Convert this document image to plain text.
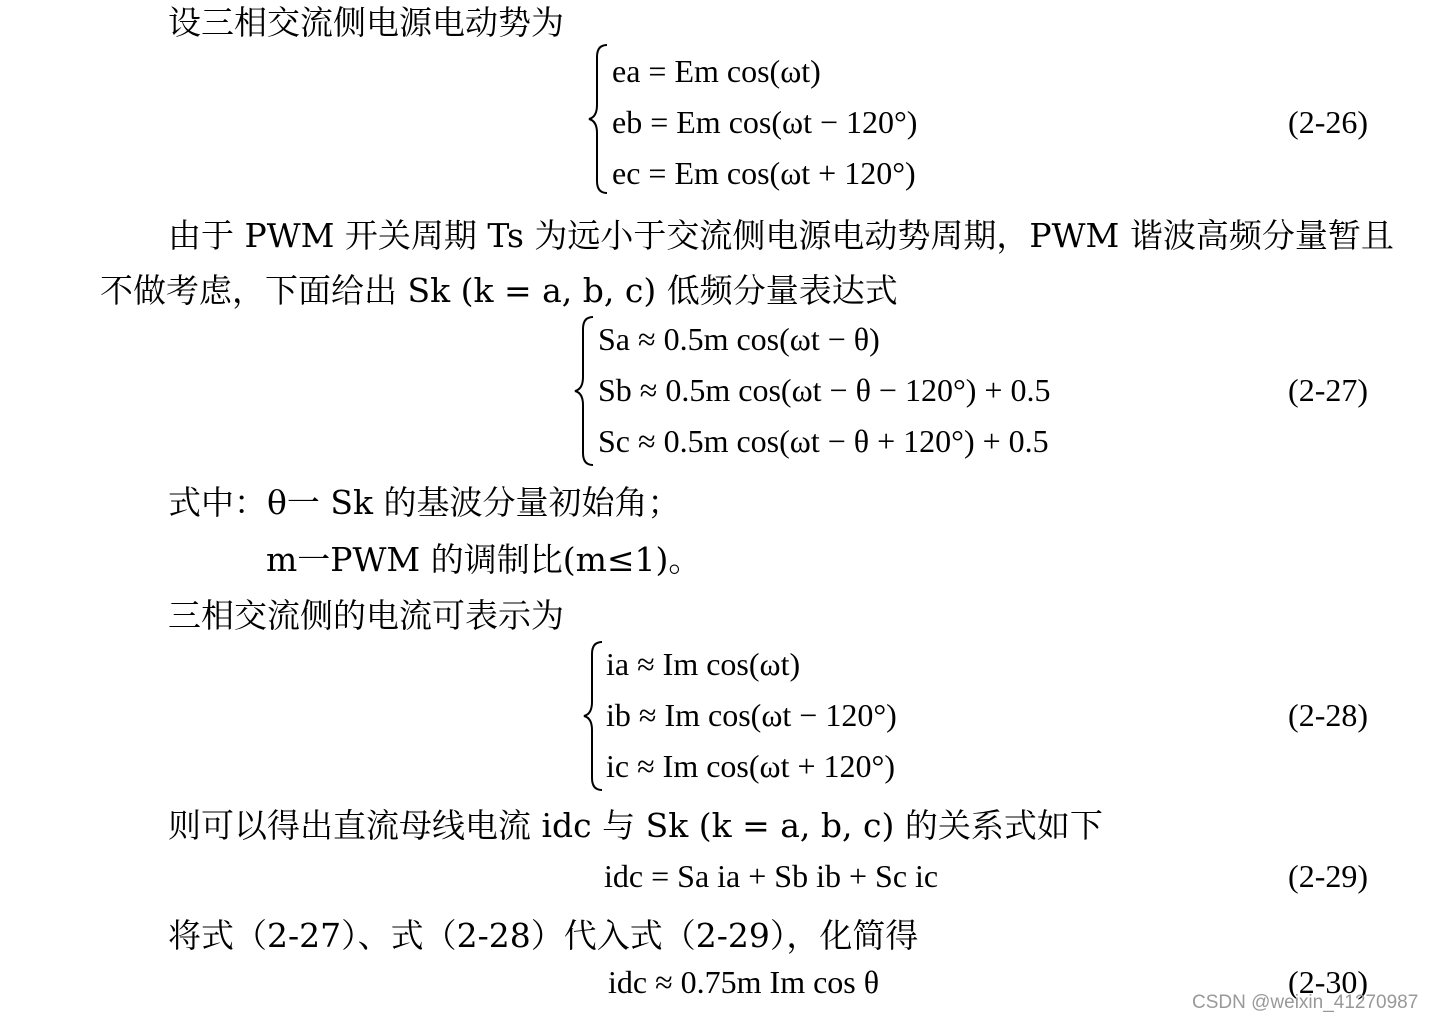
设三相交流侧电源电动势为
ea = Em cos(ωt)
eb = Em cos(ωt − 120°)
ec = Em cos(ωt + 120°)
(2-26)
由于 PWM 开关周期 Ts 为远小于交流侧电源电动势周期，PWM 谐波高频分量暂且
不做考虑，下面给出 Sk (k = a, b, c) 低频分量表达式
Sa ≈ 0.5m cos(ωt − θ)
Sb ≈ 0.5m cos(ωt − θ − 120°) + 0.5
Sc ≈ 0.5m cos(ωt − θ + 120°) + 0.5
(2-27)
式中：θ一 Sk 的基波分量初始角；
m一PWM 的调制比(m≤1)。
三相交流侧的电流可表示为
ia ≈ Im cos(ωt)
ib ≈ Im cos(ωt − 120°)
ic ≈ Im cos(ωt + 120°)
(2-28)
则可以得出直流母线电流 idc 与 Sk (k = a, b, c) 的关系式如下
idc = Sa ia + Sb ib + Sc ic	(2-29)
将式（2-27）、式（2-28）代入式（2-29），化简得
idc ≈ 0.75m Im cos θ	(2-30)
CSDN @weixin_41270987
